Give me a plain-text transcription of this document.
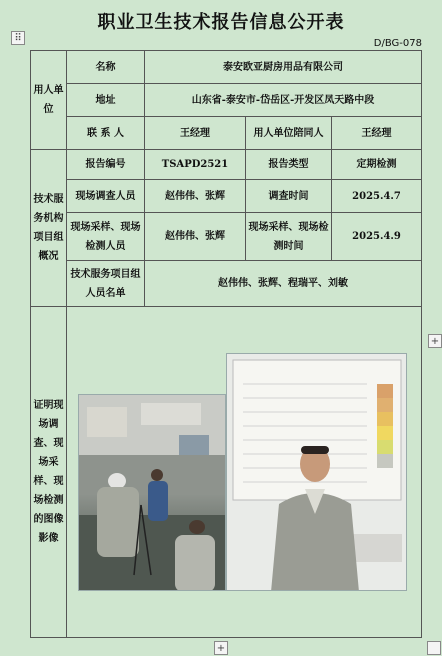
职业卫生技术报告信息公开表
D/BG-078
⠿
用人单位	名称	泰安欧亚厨房用品有限公司		
	地址	山东省-泰安市-岱岳区-开发区凤天路中段		
	联 系 人	王经理	用人单位陪同人	王经理
技术服务机构项目组概况	报告编号	TSAPD2521	报告类型	定期检测
	现场调查人员	赵伟伟、张辉	调查时间	2025.4.7
	现场采样、现场检测人员	赵伟伟、张辉	现场采样、现场检测时间	2025.4.9
	技术服务项目组人员名单	赵伟伟、张辉、程瑞平、刘敏		
证明现场调查、现场采样、现场检测的图像影像	
+
+
